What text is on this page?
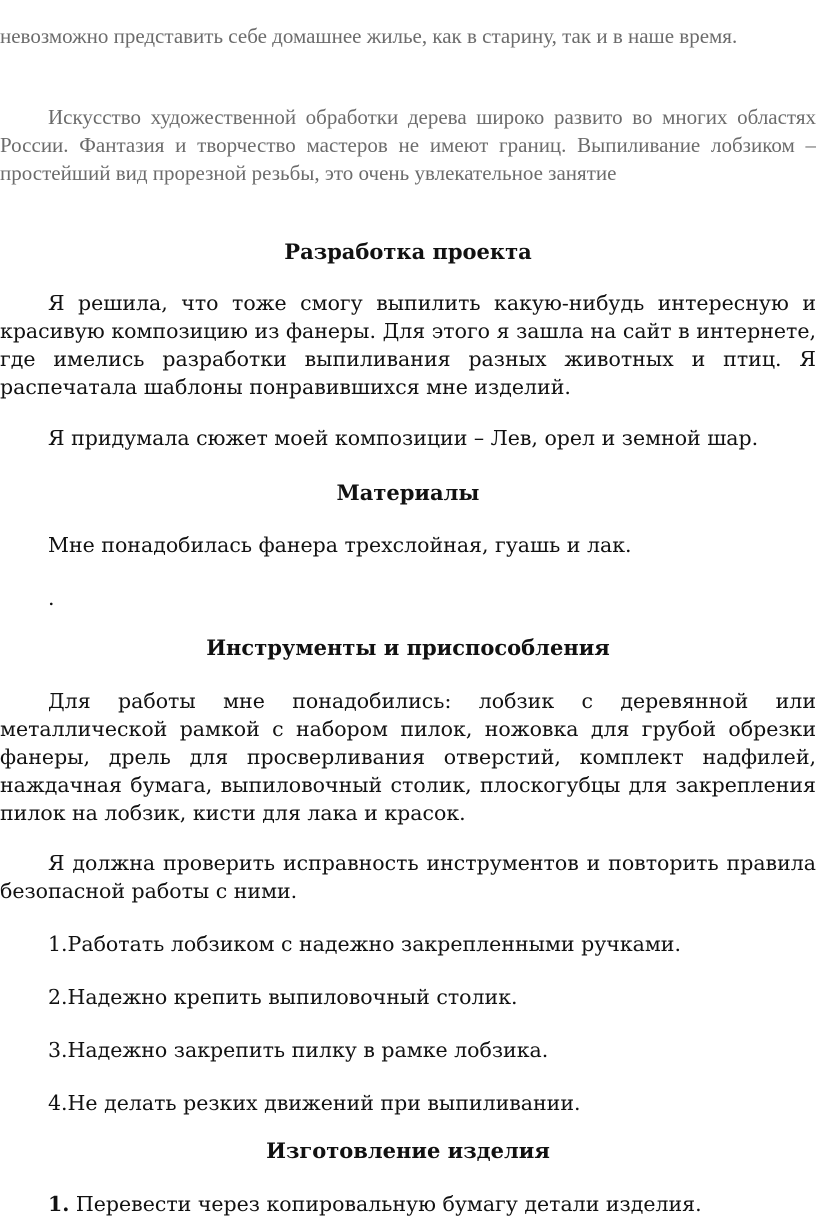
невозможно представить себе домашнее жилье, как в старину, так и в наше время.

Искусство художественной обработки дерева широко развито во многих областях России. Фантазия и творчество мастеров не имеют границ. Выпиливание лобзиком – простейший вид прорезной резьбы, это очень увлекательное занятие

Разработка проекта

Я решила, что тоже смогу выпилить какую-нибудь интересную и красивую композицию из фанеры. Для этого я зашла на сайт в интернете, где имелись разработки выпиливания разных животных и птиц. Я распечатала шаблоны понравившихся мне изделий.

Я придумала сюжет моей композиции – Лев, орел и земной шар.

Материалы

Мне понадобилась фанера трехслойная, гуашь и лак.

.

Инструменты и приспособления

Для работы мне понадобились: лобзик с деревянной или металлической рамкой с набором пилок, ножовка для грубой обрезки фанеры, дрель для просверливания отверстий, комплект надфилей, наждачная бумага, выпиловочный столик, плоскогубцы для закрепления пилок на лобзик, кисти для лака и красок.

Я должна проверить исправность инструментов и повторить правила безопасной работы с ними.

1.Работать лобзиком с надежно закрепленными ручками.

2.Надежно крепить выпиловочный столик.

3.Надежно закрепить пилку в рамке лобзика.

4.Не делать резких движений при выпиливании.

Изготовление изделия

1. Перевести через копировальную бумагу детали изделия.
